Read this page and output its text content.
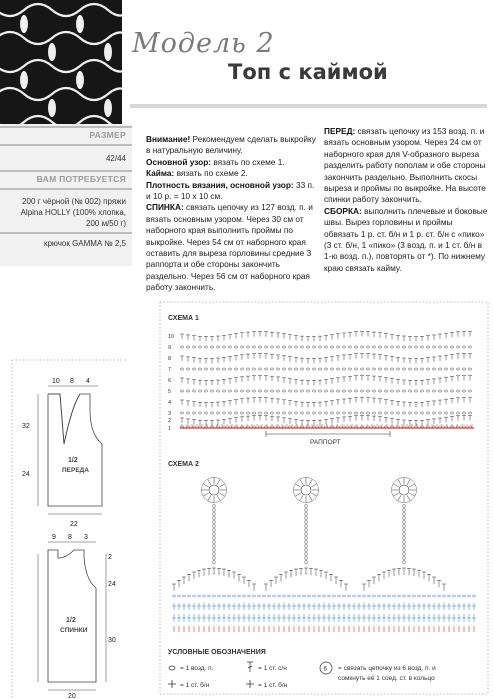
Модель 2
Топ с каймой
РАЗМЕР
42/44
ВАМ ПОТРЕБУЕТСЯ
200 г чёрной (№ 002) пряжи
Alpina HOLLY (100% хлопка,
200 м/50 г)
крючок GAMMA № 2,5

Внимание! Рекомендуем сделать выкройку в натуральную величину.

Основной узор: вязать по схеме 1.

Кайма: вязать по схеме 2.

Плотность вязания, основной узор: 33 п. и 10 р. = 10 х 10 см.

СПИНКА: связать цепочку из 127 возд. п. и вязать основным узором. Через 30 см от наборного края выполнить проймы по выкройке. Через 54 см от наборного края оставить для выреза горловины средние 3 раппорта и обе стороны закончить раздельно. Через 56 см от наборного края работу закончить.

ПЕРЕД: связать цепочку из 153 возд. п. и вязать основным узором. Через 24 см от наборного края для V-образного выреза разделить работу пополам и обе стороны закончить раздельно. Выполнить скосы выреза и проймы по выкройке. На высоте спинки работу закончить.

СБОРКА: выполнить плечевые и боковые швы. Вырез горловины и проймы обвязать 1 р. ст. б/н и 1 р. ст. б/н с «пико» (3 ст. б/н, 1 «пико» (3 возд. п. и 1 ст. б/н в 1-ю возд. п.), повторять от *). По нижнему краю связать кайму.

10 8 4
32
24
1/2
ПЕРЕДА
22
9 8 3
2
24
30
1/2
СПИНКИ
20
СХЕМА 1
10
9
8
7
6
5
4
3
2
1
РАППОРТ
СХЕМА 2
УСЛОВНЫЕ ОБОЗНАЧЕНИЯ
= 1 возд. п.	= 1 ст. с/н
= 1 ст. б/н	= 1 ст. б/н
6 = связать цепочку из 6 возд. п. и
сомкнуть её 1 соед. ст. в кольцо
